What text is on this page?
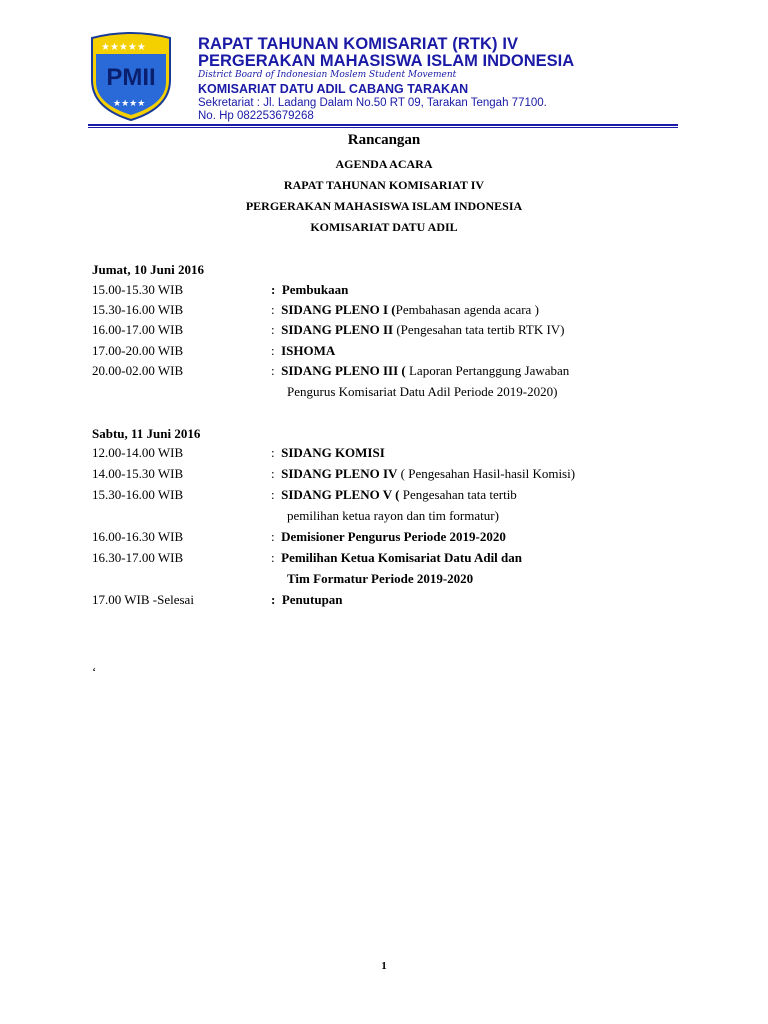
★★★★★
★★★★
PMII
RAPAT TAHUNAN KOMISARIAT (RTK) IV
PERGERAKAN MAHASISWA ISLAM INDONESIA
District Board of Indonesian Moslem Student Movement
KOMISARIAT DATU ADIL CABANG TARAKAN
Sekretariat : Jl. Ladang Dalam No.50 RT 09, Tarakan Tengah 77100.
No. Hp 082253679268
Rancangan
AGENDA ACARA
RAPAT TAHUNAN KOMISARIAT IV
PERGERAKAN MAHASISWA ISLAM INDONESIA
KOMISARIAT DATU ADIL
Jumat, 10 Juni 2016
15.00-15.30 WIB	: Pembukaan
15.30-16.00 WIB	: SIDANG PLENO I (Pembahasan agenda acara )
16.00-17.00 WIB	: SIDANG PLENO II (Pengesahan tata tertib RTK IV)
17.00-20.00 WIB	: ISHOMA
20.00-02.00 WIB	: SIDANG PLENO III ( Laporan Pertanggung Jawaban
Pengurus Komisariat Datu Adil Periode 2019-2020)
Sabtu, 11 Juni 2016
12.00-14.00 WIB	: SIDANG KOMISI
14.00-15.30 WIB	: SIDANG PLENO IV ( Pengesahan Hasil-hasil Komisi)
15.30-16.00 WIB	: SIDANG PLENO V ( Pengesahan tata tertib
pemilihan ketua rayon dan tim formatur)
16.00-16.30 WIB	: Demisioner Pengurus Periode 2019-2020
16.30-17.00 WIB	: Pemilihan Ketua Komisariat Datu Adil dan
Tim Formatur Periode 2019-2020
17.00 WIB -Selesai	: Penutupan
‘
1
